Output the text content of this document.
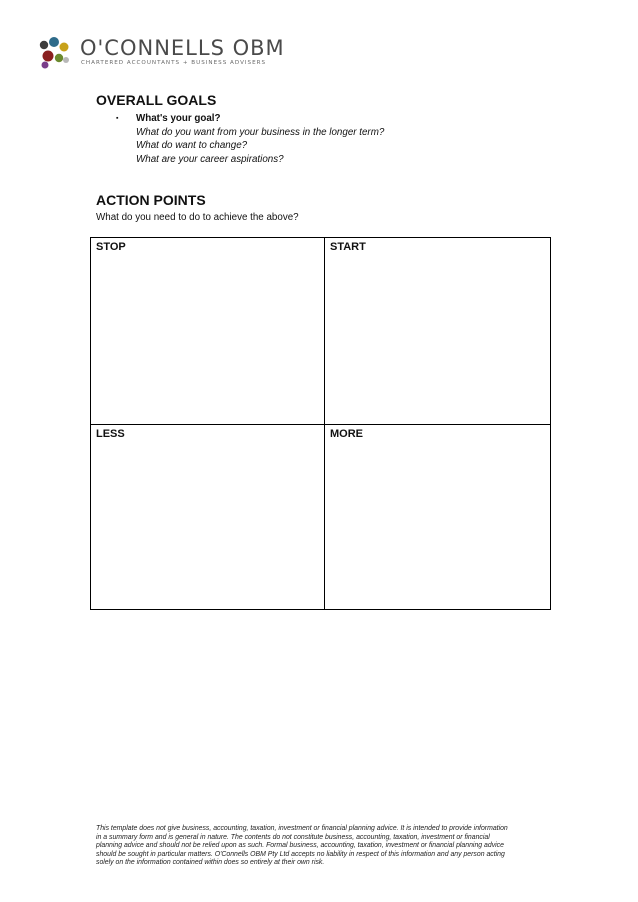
O'CONNELLS OBM
CHARTERED ACCOUNTANTS + BUSINESS ADVISERS
OVERALL GOALS
▪ What's your goal?
What do you want from your business in the longer term?
What do want to change?
What are your career aspirations?
ACTION POINTS
What do you need to do to achieve the above?
STOP	START
LESS	MORE
This template does not give business, accounting, taxation, investment or financial planning advice. It is intended to provide information
in a summary form and is general in nature. The contents do not constitute business, accounting, taxation, investment or financial
planning advice and should not be relied upon as such. Formal business, accounting, taxation, investment or financial planning advice
should be sought in particular matters. O'Connells OBM Pty Ltd accepts no liability in respect of this information and any person acting
solely on the information contained within does so entirely at their own risk.
